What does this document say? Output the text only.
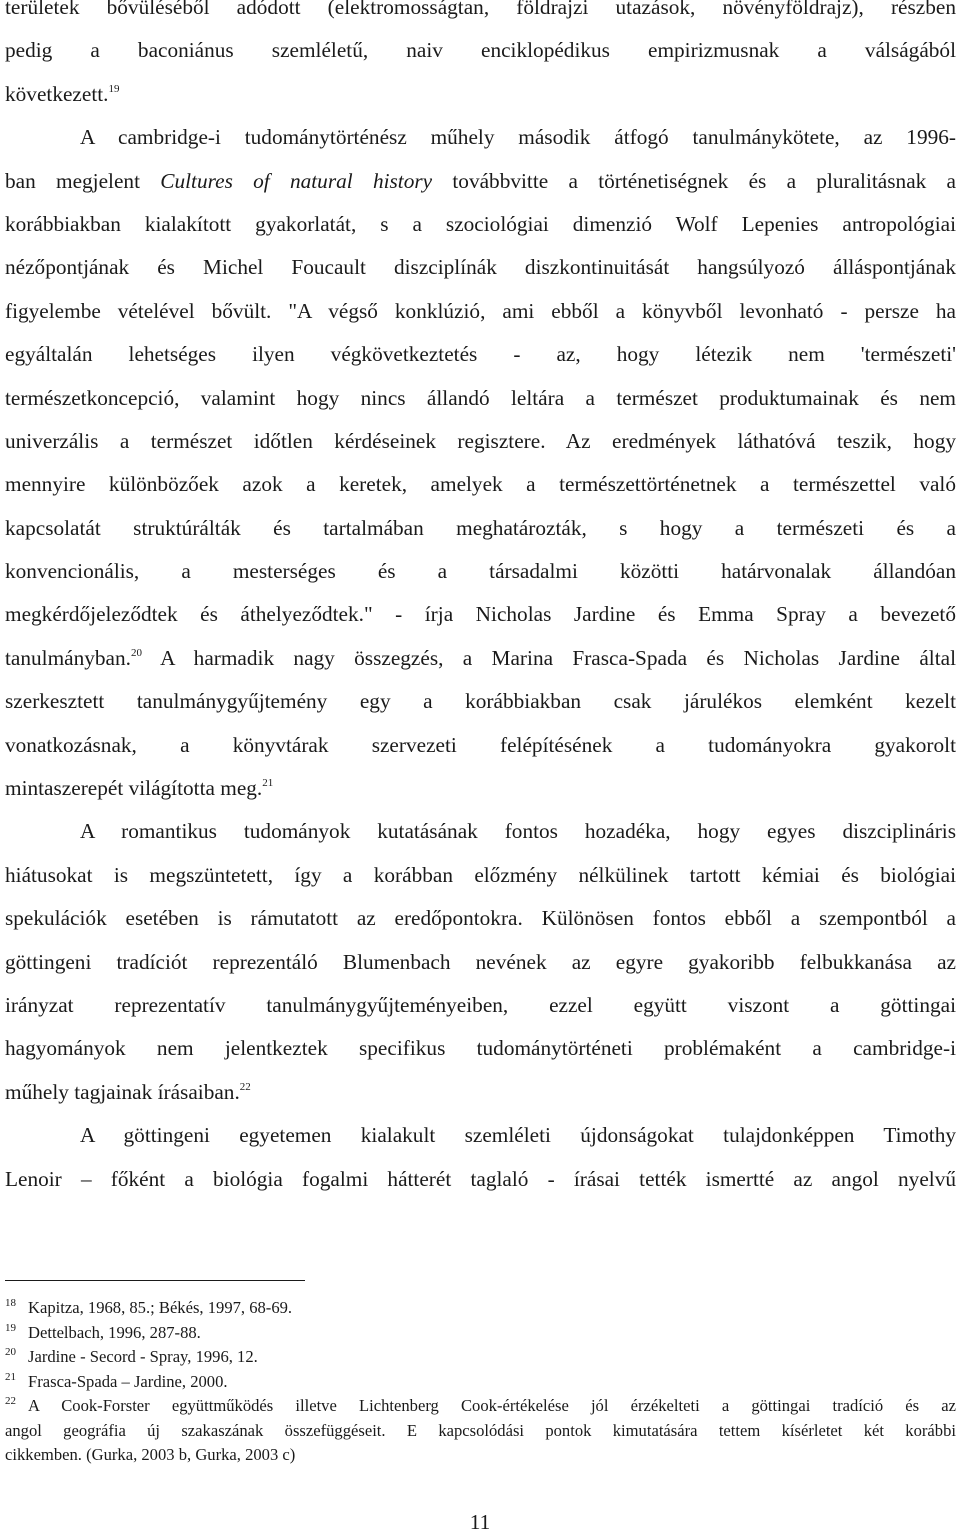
területek bővüléséből adódott (elektromosságtan, földrajzi utazások, növényföldrajz), részben
pedig a baconiánus szemléletű, naiv enciklopédikus empirizmusnak a válságából
következett.$^{19}$
A cambridge-i tudománytörténész műhely második átfogó tanulmánykötete, az 1996-
ban megjelent Cultures of natural history továbbvitte a történetiségnek és a pluralitásnak a
korábbiakban kialakított gyakorlatát, s a szociológiai dimenzió Wolf Lepenies antropológiai
nézőpontjának és Michel Foucault diszciplínák diszkontinuitását hangsúlyozó álláspontjának
figyelembe vételével bővült. "A végső konklúzió, ami ebből a könyvből levonható - persze ha
egyáltalán lehetséges ilyen végkövetkeztetés - az, hogy létezik nem 'természeti'
természetkoncepció, valamint hogy nincs állandó leltára a természet produktumainak és nem
univerzális a természet időtlen kérdéseinek regisztere. Az eredmények láthatóvá teszik, hogy
mennyire különbözőek azok a keretek, amelyek a természettörténetnek a természettel való
kapcsolatát struktúrálták és tartalmában meghatározták, s hogy a természeti és a
konvencionális, a mesterséges és a társadalmi közötti határvonalak állandóan
megkérdőjeleződtek és áthelyeződtek." - írja Nicholas Jardine és Emma Spray a bevezető
tanulmányban.$^{20}$ A harmadik nagy összegzés, a Marina Frasca-Spada és Nicholas Jardine által
szerkesztett tanulmánygyűjtemény egy a korábbiakban csak járulékos elemként kezelt
vonatkozásnak, a könyvtárak szervezeti felépítésének a tudományokra gyakorolt
mintaszerepét világította meg.$^{21}$
A romantikus tudományok kutatásának fontos hozadéka, hogy egyes diszciplináris
hiátusokat is megszüntetett, így a korábban előzmény nélkülinek tartott kémiai és biológiai
spekulációk esetében is rámutatott az eredőpontokra. Különösen fontos ebből a szempontból a
göttingeni tradíciót reprezentáló Blumenbach nevének az egyre gyakoribb felbukkanása az
irányzat reprezentatív tanulmánygyűjteményeiben, ezzel együtt viszont a göttingai
hagyományok nem jelentkeztek specifikus tudománytörténeti problémaként a cambridge-i
műhely tagjainak írásaiban.$^{22}$
A göttingeni egyetemen kialakult szemléleti újdonságokat tulajdonképpen Timothy
Lenoir – főként a biológia fogalmi hátterét taglaló - írásai tették ismertté az angol nyelvű
$^{18}$ Kapitza, 1968, 85.; Békés, 1997, 68-69.
$^{19}$ Dettelbach, 1996, 287-88.
$^{20}$ Jardine - Secord - Spray, 1996, 12.
$^{21}$ Frasca-Spada – Jardine, 2000.
$^{22}$ A Cook-Forster együttműködés illetve Lichtenberg Cook-értékelése jól érzékelteti a göttingai tradíció és az
angol geográfia új szakaszának összefüggéseit. E kapcsolódási pontok kimutatására tettem kísérletet két korábbi
cikkemben. (Gurka, 2003 b, Gurka, 2003 c)
11
